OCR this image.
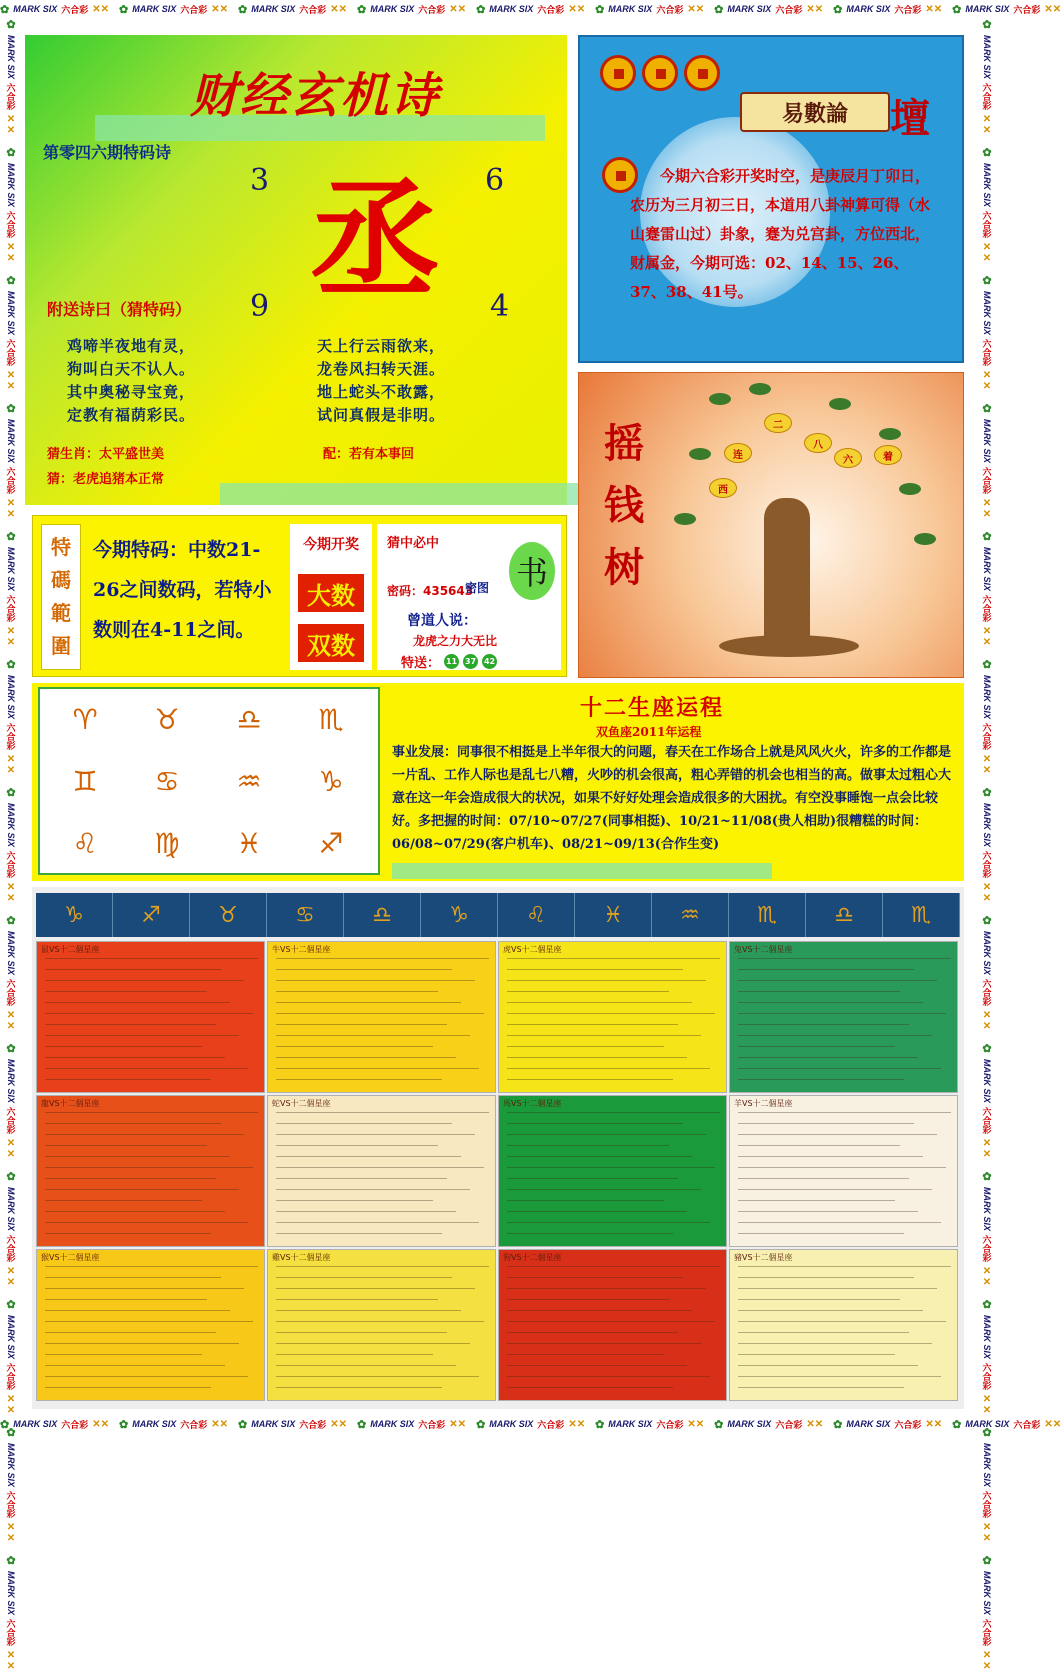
✿ MARK SIX 六合彩 ✕✕ ✿ MARK SIX 六合彩 ✕✕ ✿ MARK SIX 六合彩 ✕✕ ✿ MARK SIX 六合彩 ✕✕ ✿ MARK SIX 六合彩 ✕✕ ✿ MARK SIX 六合彩 ✕✕ ✿ MARK SIX 六合彩 ✕✕ ✿ MARK SIX 六合彩 ✕✕ ✿ MARK SIX 六合彩 ✕✕
✿ MARK SIX 六合彩 ✕✕ ✿ MARK SIX 六合彩 ✕✕ ✿ MARK SIX 六合彩 ✕✕ ✿ MARK SIX 六合彩 ✕✕ ✿ MARK SIX 六合彩 ✕✕ ✿ MARK SIX 六合彩 ✕✕ ✿ MARK SIX 六合彩 ✕✕ ✿ MARK SIX 六合彩 ✕✕ ✿ MARK SIX 六合彩 ✕✕
✿
MARK SIX
六合彩
✕✕
✿
MARK SIX
六合彩
✕✕
✿
MARK SIX
六合彩
✕✕
✿
MARK SIX
六合彩
✕✕
✿
MARK SIX
六合彩
✕✕
✿
MARK SIX
六合彩
✕✕
✿
MARK SIX
六合彩
✕✕
✿
MARK SIX
六合彩
✕✕
✿
MARK SIX
六合彩
✕✕
✿
MARK SIX
六合彩
✕✕
✿
MARK SIX
六合彩
✕✕
✿
MARK SIX
六合彩
✕✕
✿
MARK SIX
六合彩
✕✕
✿
MARK SIX
六合彩
✕✕
✿
MARK SIX
六合彩
✕✕
✿
MARK SIX
六合彩
✕✕
✿
MARK SIX
六合彩
✕✕
✿
MARK SIX
六合彩
✕✕
✿
MARK SIX
六合彩
✕✕
✿
MARK SIX
六合彩
✕✕
✿
MARK SIX
六合彩
✕✕
✿
MARK SIX
六合彩
✕✕
✿
MARK SIX
六合彩
✕✕
✿
MARK SIX
六合彩
✕✕
✿
MARK SIX
六合彩
✕✕
✿
MARK SIX
六合彩
✕✕
财经玄机诗
第零四六期特码诗
3	6
9	4
丞
附送诗曰（猜特码）
鸡啼半夜地有灵，
狗叫白天不认人。
其中奥秘寻宝竟，
定教有福荫彩民。
天上行云雨欲来，
龙卷风扫转天涯。
地上蛇头不敢露，
试问真假是非明。
猜生肖：太平盛世美
猜：老虎追猪本正常
配：若有本事回
易數論	壇
今期六合彩开奖时空，是庚辰月丁卯日，农历为三月初三日，本道用八卦神算可得（水山蹇雷山过）卦象，蹇为兑宫卦，方位西北，财属金，今期可选：02、14、15、26、37、38、41号。
摇
钱
树
西
二
八
六
连	着
特
碼
範
圍
今期特码：中数21-26之间数码，若特小数则在4-11之间。
今期开奖
大数
双数
猜中必中
密码：435643
密图 书
曾道人说：
龙虎之力大无比
特送： 11 37 42
♈	♉	♎	♏
♊	♋	♒	♑
♌	♍	♓	♐
十二生座运程
双鱼座2011年运程
事业发展：同事很不相挺是上半年很大的问题，春天在工作场合上就是风风火火，许多的工作都是一片乱、工作人际也是乱七八糟，火吵的机会很高，粗心弄错的机会也相当的高。做事太过粗心大意在这一年会造成很大的状况，如果不好好处理会造成很多的大困扰。有空没事睡饱一点会比较好。多把握的时间：07/10~07/27(同事相挺)、10/21~11/08(贵人相助)很糟糕的时间：06/08~07/29(客户机车)、08/21~09/13(合作生变)
♑	♐	♉	♋	♎	♑	♌	♓	♒	♏	♎	♏
鼠VS十二個星座	牛VS十二個星座	虎VS十二個星座	兔VS十二個星座
龍VS十二個星座	蛇VS十二個星座	馬VS十二個星座	羊VS十二個星座
猴VS十二個星座	雞VS十二個星座	狗VS十二個星座	豬VS十二個星座
